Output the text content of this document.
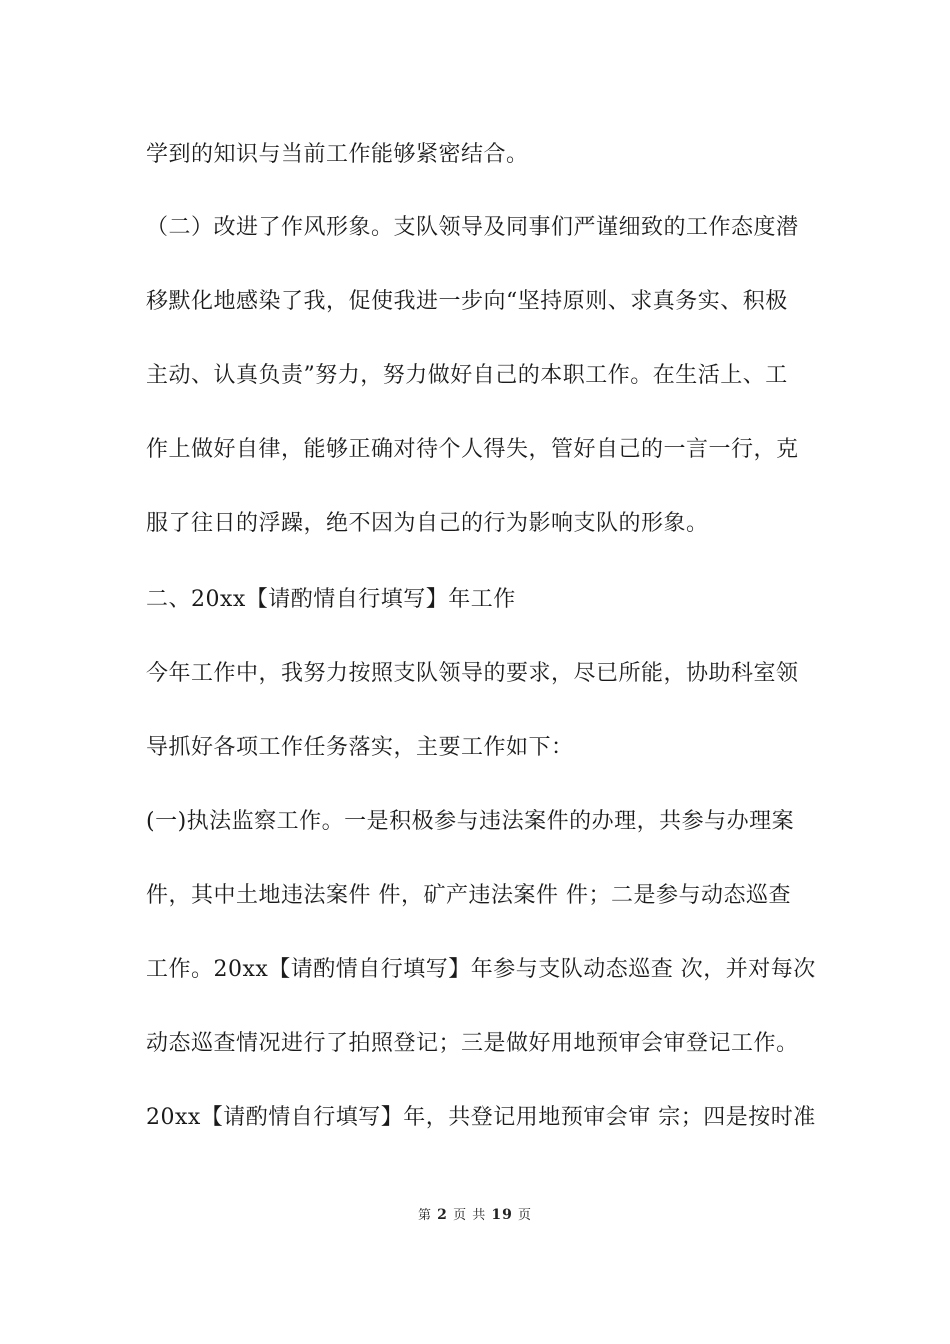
学到的知识与当前工作能够紧密结合。
（二）改进了作风形象。支队领导及同事们严谨细致的工作态度潜
移默化地感染了我，促使我进一步向“坚持原则、求真务实、积极
主动、认真负责”努力，努力做好自己的本职工作。在生活上、工
作上做好自律，能够正确对待个人得失，管好自己的一言一行，克
服了往日的浮躁，绝不因为自己的行为影响支队的形象。
二、20xx【请酌情自行填写】年工作
今年工作中，我努力按照支队领导的要求，尽已所能，协助科室领
导抓好各项工作任务落实，主要工作如下：
(一)执法监察工作。一是积极参与违法案件的办理，共参与办理案
件，其中土地违法案件 件，矿产违法案件 件；二是参与动态巡查
工作。20xx【请酌情自行填写】年参与支队动态巡查 次，并对每次
动态巡查情况进行了拍照登记；三是做好用地预审会审登记工作。
20xx【请酌情自行填写】年，共登记用地预审会审 宗；四是按时准
第 2 页 共 19 页
